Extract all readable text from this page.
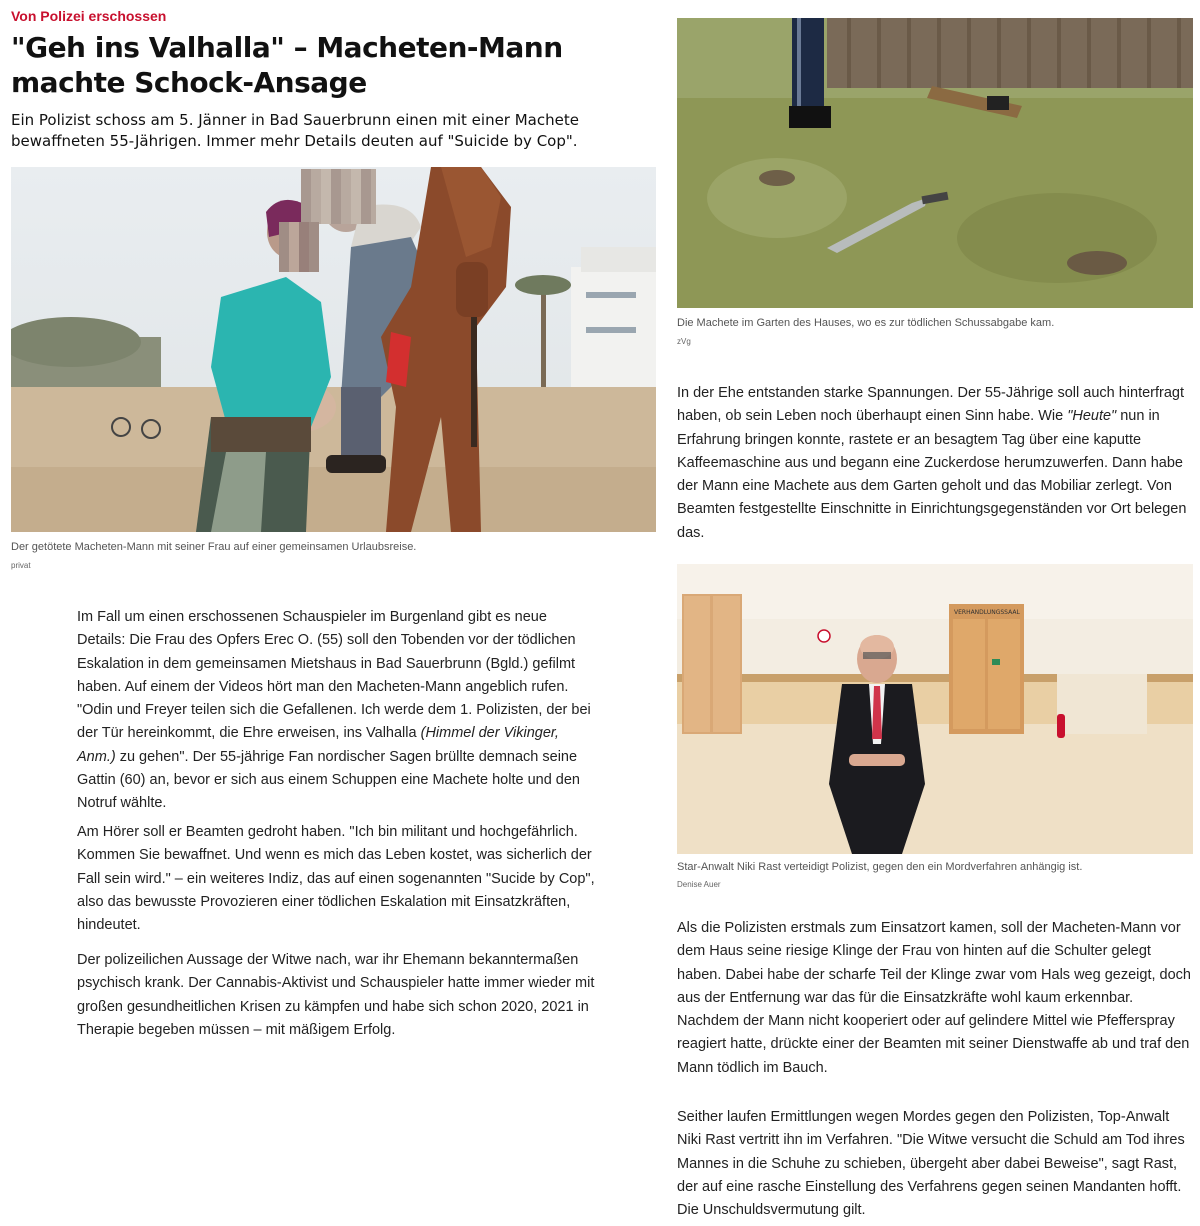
Von Polizei erschossen
"Geh ins Valhalla" – Macheten-Mann machte Schock-Ansage

Ein Polizist schoss am 5. Jänner in Bad Sauerbrunn einen mit einer Machete bewaffneten 55-Jährigen. Immer mehr Details deuten auf "Suicide by Cop".

Der getötete Macheten-Mann mit seiner Frau auf einer gemeinsamen Urlaubsreise.

privat

Im Fall um einen erschossenen Schauspieler im Burgenland gibt es neue Details: Die Frau des Opfers Erec O. (55) soll den Tobenden vor der tödlichen Eskalation in dem gemeinsamen Mietshaus in Bad Sauerbrunn (Bgld.) gefilmt haben. Auf einem der Videos hört man den Macheten-Mann angeblich rufen. "Odin und Freyer teilen sich die Gefallenen. Ich werde dem 1. Polizisten, der bei der Tür hereinkommt, die Ehre erweisen, ins Valhalla (Himmel der Vikinger, Anm.) zu gehen". Der 55-jährige Fan nordischer Sagen brüllte demnach seine Gattin (60) an, bevor er sich aus einem Schuppen eine Machete holte und den Notruf wählte.

Am Hörer soll er Beamten gedroht haben. "Ich bin militant und hochgefährlich. Kommen Sie bewaffnet. Und wenn es mich das Leben kostet, was sicherlich der Fall sein wird." – ein weiteres Indiz, das auf einen sogenannten "Sucide by Cop", also das bewusste Provozieren einer tödlichen Eskalation mit Einsatzkräften, hindeutet.

Der polizeilichen Aussage der Witwe nach, war ihr Ehemann bekanntermaßen psychisch krank. Der Cannabis-Aktivist und Schauspieler hatte immer wieder mit großen gesundheitlichen Krisen zu kämpfen und habe sich schon 2020, 2021 in Therapie begeben müssen – mit mäßigem Erfolg.

Die Machete im Garten des Hauses, wo es zur tödlichen Schussabgabe kam.

zVg

In der Ehe entstanden starke Spannungen. Der 55-Jährige soll auch hinterfragt haben, ob sein Leben noch überhaupt einen Sinn habe. Wie "Heute" nun in Erfahrung bringen konnte, rastete er an besagtem Tag über eine kaputte Kaffeemaschine aus und begann eine Zuckerdose herumzuwerfen. Dann habe der Mann eine Machete aus dem Garten geholt und das Mobiliar zerlegt. Von Beamten festgestellte Einschnitte in Einrichtungsgegenständen vor Ort belegen das.

VERHANDLUNGSSAAL

Star-Anwalt Niki Rast verteidigt Polizist, gegen den ein Mordverfahren anhängig ist.

Denise Auer

Als die Polizisten erstmals zum Einsatzort kamen, soll der Macheten-Mann vor dem Haus seine riesige Klinge der Frau von hinten auf die Schulter gelegt haben. Dabei habe der scharfe Teil der Klinge zwar vom Hals weg gezeigt, doch aus der Entfernung war das für die Einsatzkräfte wohl kaum erkennbar. Nachdem der Mann nicht kooperiert oder auf gelindere Mittel wie Pfefferspray reagiert hatte, drückte einer der Beamten mit seiner Dienstwaffe ab und traf den Mann tödlich im Bauch.

Seither laufen Ermittlungen wegen Mordes gegen den Polizisten, Top-Anwalt Niki Rast vertritt ihn im Verfahren. "Die Witwe versucht die Schuld am Tod ihres Mannes in die Schuhe zu schieben, übergeht aber dabei Beweise", sagt Rast, der auf eine rasche Einstellung des Verfahrens gegen seinen Mandanten hofft. Die Unschuldsvermutung gilt.
